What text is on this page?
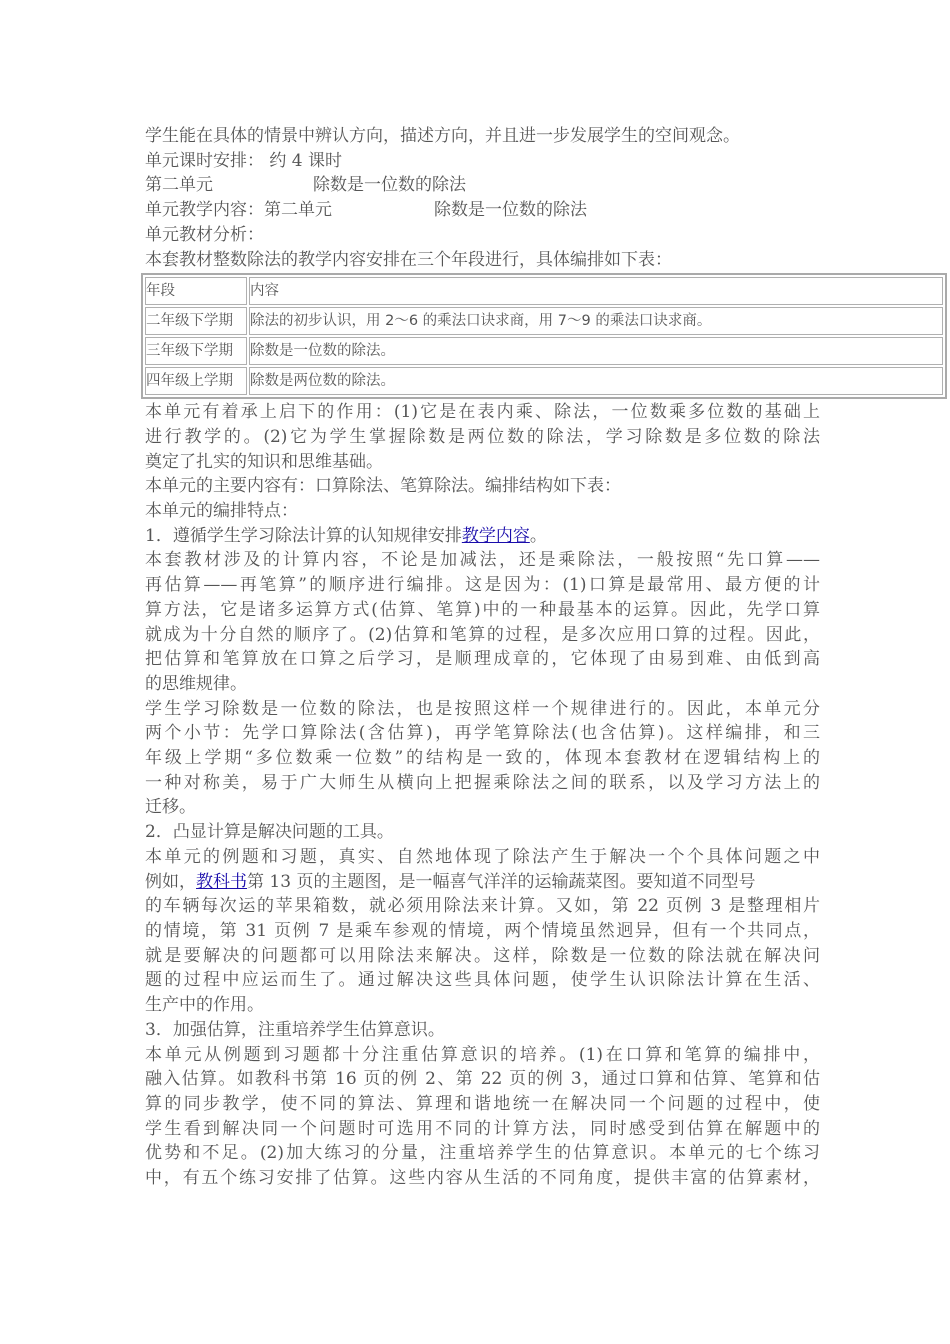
学生能在具体的情景中辨认方向，描述方向，并且进一步发展学生的空间观念。

单元课时安排： 约 4 课时

第二单元	除数是一位数的除法

单元教学内容：第二单元	除数是一位数的除法

单元教材分析：

本套教材整数除法的教学内容安排在三个年段进行，具体编排如下表：

年段	内容
二年级下学期	除法的初步认识，用 2～6 的乘法口诀求商，用 7～9 的乘法口诀求商。
三年级下学期	除数是一位数的除法。
四年级上学期	除数是两位数的除法。

本单元有着承上启下的作用：(1)它是在表内乘、除法，一位数乘多位数的基础上

进行教学的。(2)它为学生掌握除数是两位数的除法，学习除数是多位数的除法

奠定了扎实的知识和思维基础。

本单元的主要内容有：口算除法、笔算除法。编排结构如下表：

本单元的编排特点：

1．遵循学生学习除法计算的认知规律安排教学内容。

本套教材涉及的计算内容，不论是加减法，还是乘除法，一般按照“先口算——

再估算——再笔算”的顺序进行编排。这是因为：(1)口算是最常用、最方便的计

算方法，它是诸多运算方式(估算、笔算)中的一种最基本的运算。因此，先学口算

就成为十分自然的顺序了。(2)估算和笔算的过程，是多次应用口算的过程。因此，

把估算和笔算放在口算之后学习，是顺理成章的，它体现了由易到难、由低到高

的思维规律。

学生学习除数是一位数的除法，也是按照这样一个规律进行的。因此，本单元分

两个小节：先学口算除法(含估算)，再学笔算除法(也含估算)。这样编排，和三

年级上学期“多位数乘一位数”的结构是一致的，体现本套教材在逻辑结构上的

一种对称美，易于广大师生从横向上把握乘除法之间的联系，以及学习方法上的

迁移。

2．凸显计算是解决问题的工具。

本单元的例题和习题，真实、自然地体现了除法产生于解决一个个具体问题之中

例如，教科书第 13 页的主题图，是一幅喜气洋洋的运输蔬菜图。要知道不同型号

的车辆每次运的苹果箱数，就必须用除法来计算。又如，第 22 页例 3 是整理相片

的情境，第 31 页例 7 是乘车参观的情境，两个情境虽然迥异，但有一个共同点，

就是要解决的问题都可以用除法来解决。这样，除数是一位数的除法就在解决问

题的过程中应运而生了。通过解决这些具体问题，使学生认识除法计算在生活、

生产中的作用。

3．加强估算，注重培养学生估算意识。

本单元从例题到习题都十分注重估算意识的培养。(1)在口算和笔算的编排中，

融入估算。如教科书第 16 页的例 2、第 22 页的例 3，通过口算和估算、笔算和估

算的同步教学，使不同的算法、算理和谐地统一在解决同一个问题的过程中，使

学生看到解决同一个问题时可选用不同的计算方法，同时感受到估算在解题中的

优势和不足。(2)加大练习的分量，注重培养学生的估算意识。本单元的七个练习

中，有五个练习安排了估算。这些内容从生活的不同角度，提供丰富的估算素材，
